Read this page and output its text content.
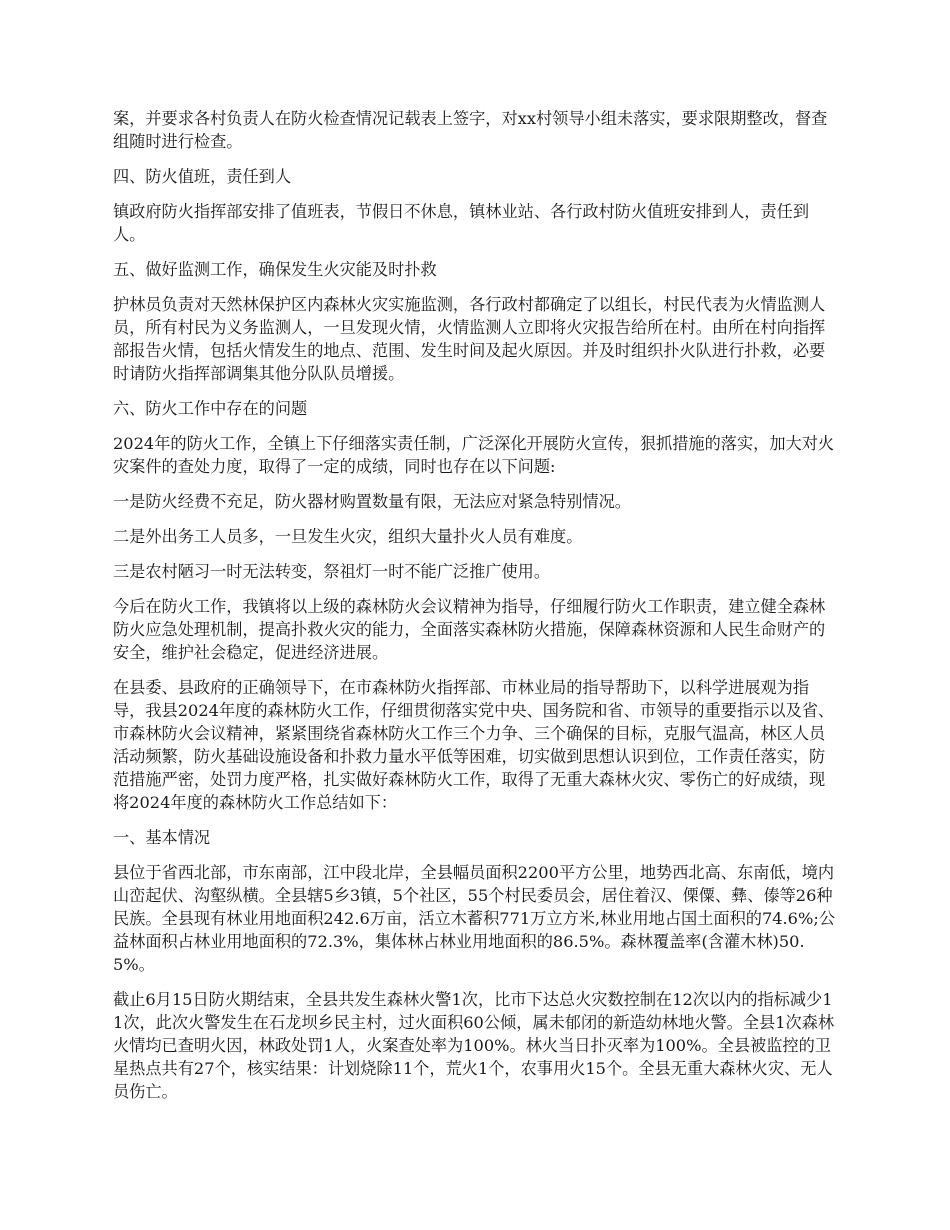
案，并要求各村负责人在防火检查情况记载表上签字，对xx村领导小组未落实，要求限期整改，督查组随时进行检查。

四、防火值班，责任到人

镇政府防火指挥部安排了值班表，节假日不休息，镇林业站、各行政村防火值班安排到人，责任到人。

五、做好监测工作，确保发生火灾能及时扑救

护林员负责对天然林保护区内森林火灾实施监测，各行政村都确定了以组长，村民代表为火情监测人员，所有村民为义务监测人，一旦发现火情，火情监测人立即将火灾报告给所在村。由所在村向指挥部报告火情，包括火情发生的地点、范围、发生时间及起火原因。并及时组织扑火队进行扑救，必要时请防火指挥部调集其他分队队员增援。

六、防火工作中存在的问题

2024年的防火工作，全镇上下仔细落实责任制，广泛深化开展防火宣传，狠抓措施的落实，加大对火灾案件的查处力度，取得了一定的成绩，同时也存在以下问题:

一是防火经费不充足，防火器材购置数量有限，无法应对紧急特别情况。

二是外出务工人员多，一旦发生火灾，组织大量扑火人员有难度。

三是农村陋习一时无法转变，祭祖灯一时不能广泛推广使用。

今后在防火工作，我镇将以上级的森林防火会议精神为指导，仔细履行防火工作职责，建立健全森林防火应急处理机制，提高扑救火灾的能力，全面落实森林防火措施，保障森林资源和人民生命财产的安全，维护社会稳定，促进经济进展。

在县委、县政府的正确领导下，在市森林防火指挥部、市林业局的指导帮助下，以科学进展观为指导，我县2024年度的森林防火工作，仔细贯彻落实党中央、国务院和省、市领导的重要指示以及省、市森林防火会议精神，紧紧围绕省森林防火工作三个力争、三个确保的目标，克服气温高，林区人员活动频繁，防火基础设施设备和扑救力量水平低等困难，切实做到思想认识到位，工作责任落实，防范措施严密，处罚力度严格，扎实做好森林防火工作，取得了无重大森林火灾、零伤亡的好成绩，现将2024年度的森林防火工作总结如下：

一、基本情况

县位于省西北部，市东南部，江中段北岸，全县幅员面积2200平方公里，地势西北高、东南低，境内山峦起伏、沟壑纵横。全县辖5乡3镇，5个社区，55个村民委员会，居住着汉、傈僳、彝、傣等26种民族。全县现有林业用地面积242.6万亩，活立木蓄积771万立方米,林业用地占国土面积的74.6%;公益林面积占林业用地面积的72.3%，集体林占林业用地面积的86.5%。森林覆盖率(含灌木林)50.5%。

截止6月15日防火期结束，全县共发生森林火警1次，比市下达总火灾数控制在12次以内的指标减少11次，此次火警发生在石龙坝乡民主村，过火面积60公倾，属未郁闭的新造幼林地火警。全县1次森林火情均已查明火因，林政处罚1人，火案查处率为100%。林火当日扑灭率为100%。全县被监控的卫星热点共有27个，核实结果：计划烧除11个，荒火1个，农事用火15个。全县无重大森林火灾、无人员伤亡。
